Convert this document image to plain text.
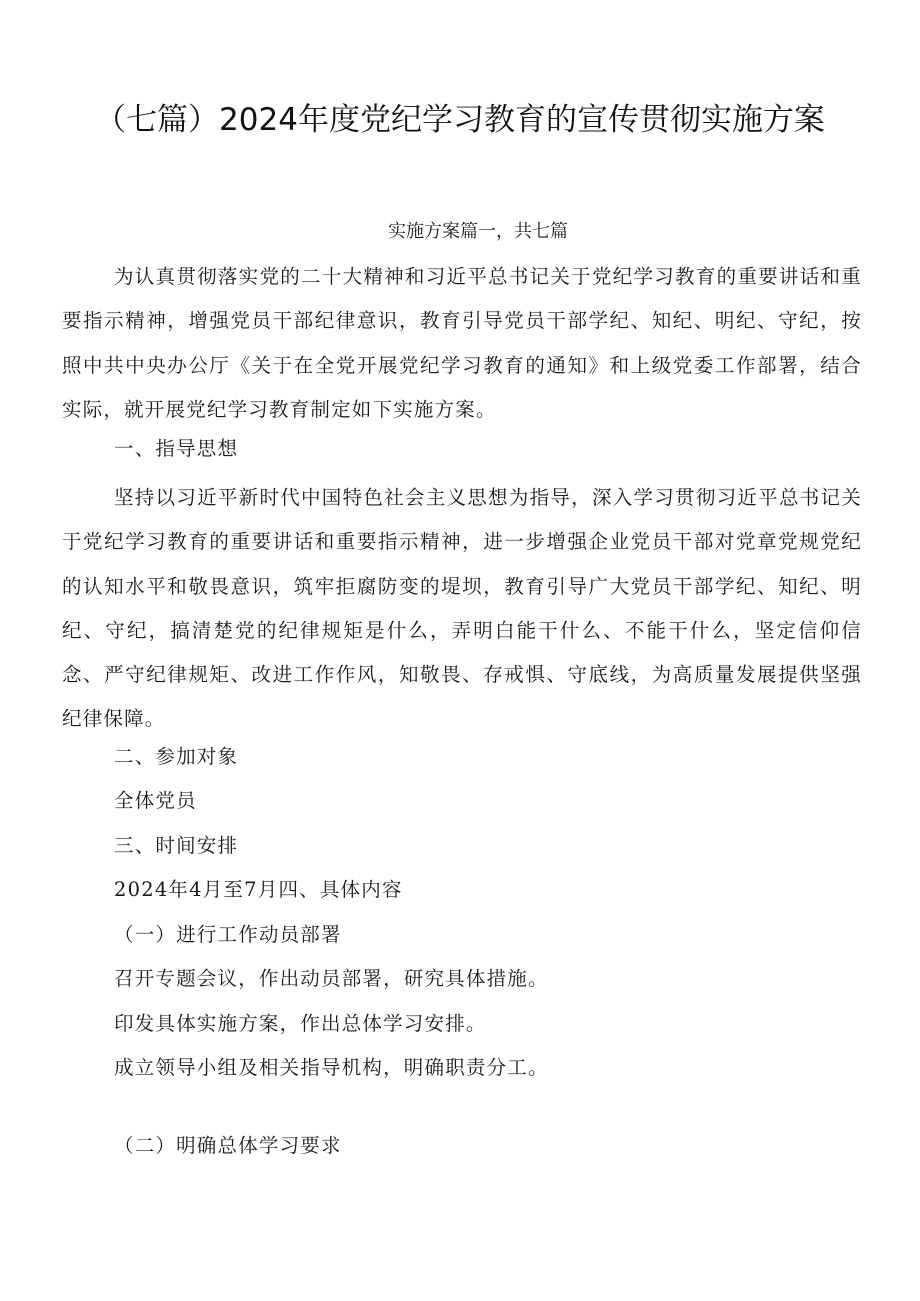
（七篇）2024年度党纪学习教育的宣传贯彻实施方案
实施方案篇一，共七篇
为认真贯彻落实党的二十大精神和习近平总书记关于党纪学习教育的重要讲话和重要指示精神，增强党员干部纪律意识，教育引导党员干部学纪、知纪、明纪、守纪，按照中共中央办公厅《关于在全党开展党纪学习教育的通知》和上级党委工作部署，结合实际，就开展党纪学习教育制定如下实施方案。
一、指导思想
坚持以习近平新时代中国特色社会主义思想为指导，深入学习贯彻习近平总书记关于党纪学习教育的重要讲话和重要指示精神，进一步增强企业党员干部对党章党规党纪的认知水平和敬畏意识，筑牢拒腐防变的堤坝，教育引导广大党员干部学纪、知纪、明纪、守纪，搞清楚党的纪律规矩是什么，弄明白能干什么、不能干什么，坚定信仰信念、严守纪律规矩、改进工作作风，知敬畏、存戒惧、守底线，为高质量发展提供坚强纪律保障。
二、参加对象
全体党员
三、时间安排
2024年4月至7月四、具体内容
（一）进行工作动员部署
召开专题会议，作出动员部署，研究具体措施。
印发具体实施方案，作出总体学习安排。
成立领导小组及相关指导机构，明确职责分工。
（二）明确总体学习要求
